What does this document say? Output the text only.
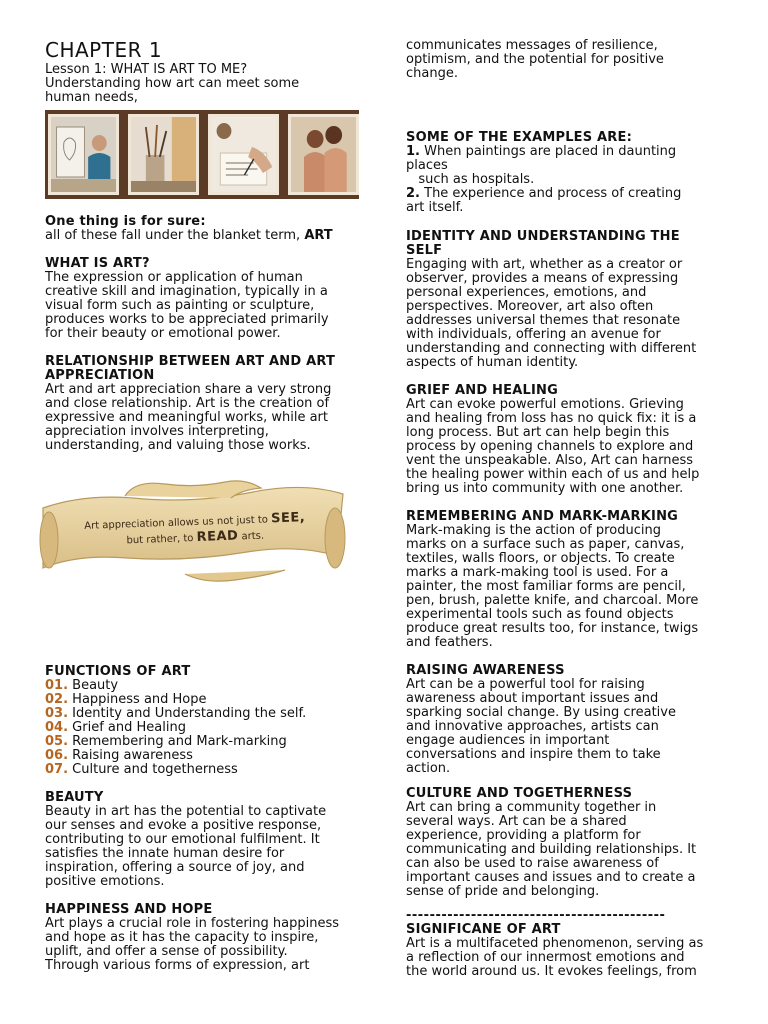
CHAPTER 1
Lesson 1: WHAT IS ART TO ME?

Understanding how art can meet some

human needs,

One thing is for sure:

all of these fall under the blanket term, ART

WHAT IS ART?

The expression or application of human

creative skill and imagination, typically in a

visual form such as painting or sculpture,

produces works to be appreciated primarily

for their beauty or emotional power.

RELATIONSHIP BETWEEN ART AND ART

APPRECIATION

Art and art appreciation share a very strong

and close relationship. Art is the creation of

expressive and meaningful works, while art

appreciation involves interpreting,

understanding, and valuing those works.

Art appreciation allows us not just to SEE,
but rather, to READ arts.

FUNCTIONS OF ART

01. Beauty

02. Happiness and Hope

03. Identity and Understanding the self.

04. Grief and Healing

05. Remembering and Mark-marking

06. Raising awareness

07. Culture and togetherness

BEAUTY

Beauty in art has the potential to captivate

our senses and evoke a positive response,

contributing to our emotional fulfilment. It

satisfies the innate human desire for

inspiration, offering a source of joy, and

positive emotions.

HAPPINESS AND HOPE

Art plays a crucial role in fostering happiness

and hope as it has the capacity to inspire,

uplift, and offer a sense of possibility.

Through various forms of expression, art

communicates messages of resilience,

optimism, and the potential for positive

change.

SOME OF THE EXAMPLES ARE:

1. When paintings are placed in daunting

places

such as hospitals.

2. The experience and process of creating

art itself.

IDENTITY AND UNDERSTANDING THE

SELF

Engaging with art, whether as a creator or

observer, provides a means of expressing

personal experiences, emotions, and

perspectives. Moreover, art also often

addresses universal themes that resonate

with individuals, offering an avenue for

understanding and connecting with different

aspects of human identity.

GRIEF AND HEALING

Art can evoke powerful emotions. Grieving

and healing from loss has no quick fix: it is a

long process. But art can help begin this

process by opening channels to explore and

vent the unspeakable. Also, Art can harness

the healing power within each of us and help

bring us into community with one another.

REMEMBERING AND MARK-MARKING

Mark-making is the action of producing

marks on a surface such as paper, canvas,

textiles, walls floors, or objects. To create

marks a mark-making tool is used. For a

painter, the most familiar forms are pencil,

pen, brush, palette knife, and charcoal. More

experimental tools such as found objects

produce great results too, for instance, twigs

and feathers.

RAISING AWARENESS

Art can be a powerful tool for raising

awareness about important issues and

sparking social change. By using creative

and innovative approaches, artists can

engage audiences in important

conversations and inspire them to take

action.

CULTURE AND TOGETHERNESS

Art can bring a community together in

several ways. Art can be a shared

experience, providing a platform for

communicating and building relationships. It

can also be used to raise awareness of

important causes and issues and to create a

sense of pride and belonging.

--------------------------------------------

SIGNIFICANE OF ART

Art is a multifaceted phenomenon, serving as

a reflection of our innermost emotions and

the world around us. It evokes feelings, from
